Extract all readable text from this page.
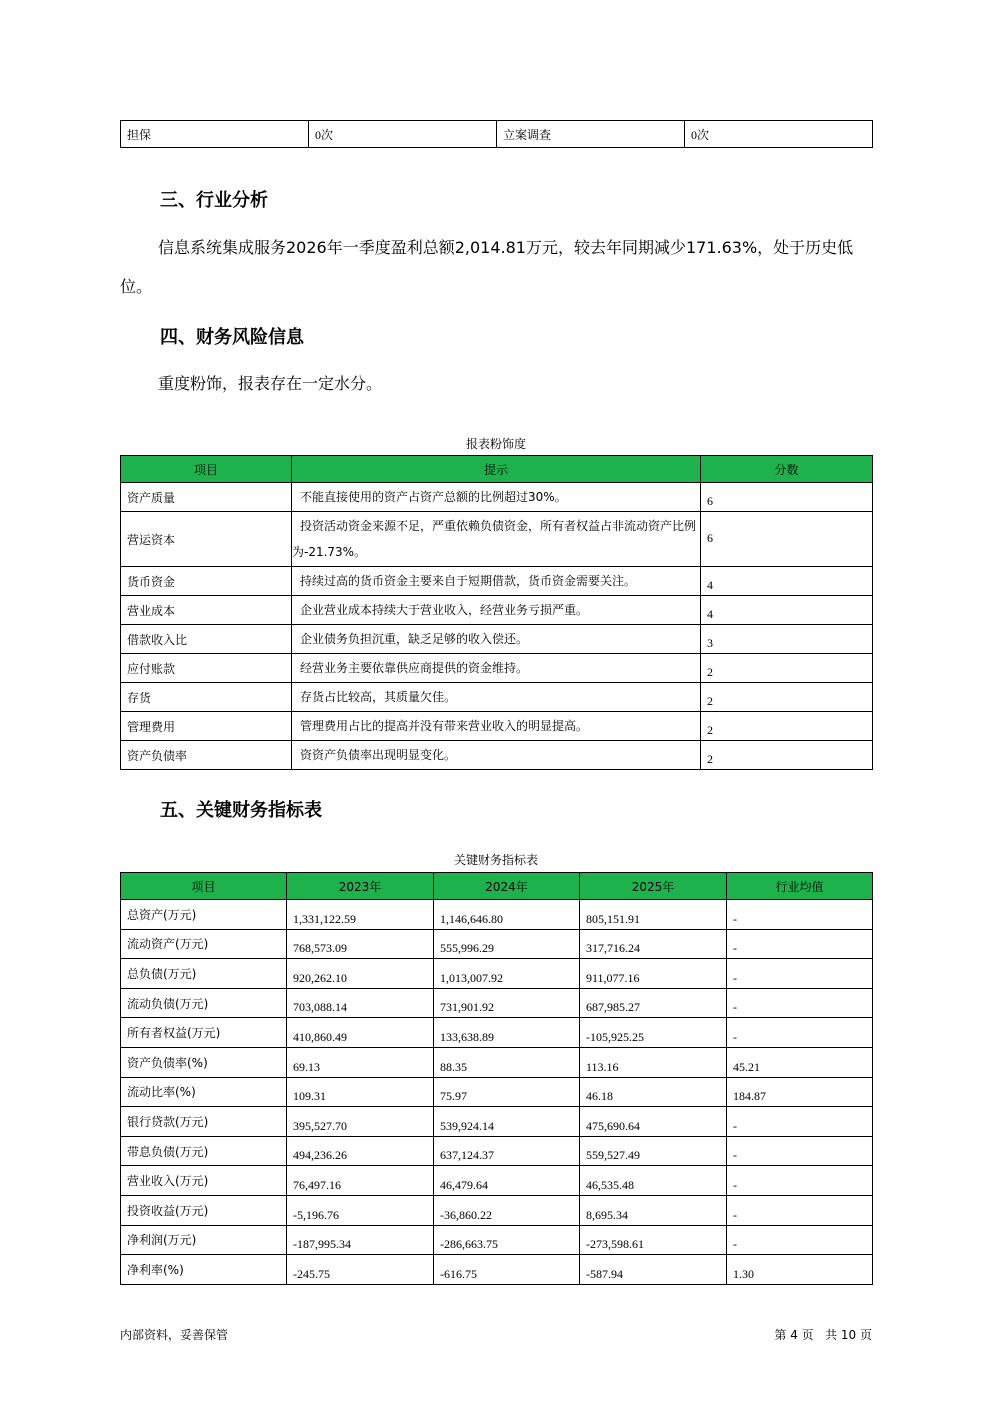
担保	0次	立案调查	0次
三、行业分析
信息系统集成服务2026年一季度盈利总额2,014.81万元，较去年同期减少171.63%，处于历史低位。
四、财务风险信息
重度粉饰，报表存在一定水分。
报表粉饰度
项目	提示	分数
资产质量	不能直接使用的资产占资产总额的比例超过30%。	6
营运资本	投资活动资金来源不足，严重依赖负债资金，所有者权益占非流动资产比例为-21.73%。	6
货币资金	持续过高的货币资金主要来自于短期借款，货币资金需要关注。	4
营业成本	企业营业成本持续大于营业收入，经营业务亏损严重。	4
借款收入比	企业债务负担沉重，缺乏足够的收入偿还。	3
应付账款	经营业务主要依靠供应商提供的资金维持。	2
存货	存货占比较高，其质量欠佳。	2
管理费用	管理费用占比的提高并没有带来营业收入的明显提高。	2
资产负债率	资资产负债率出现明显变化。	2
五、关键财务指标表
关键财务指标表
项目	2023年	2024年	2025年	行业均值
总资产(万元)	1,331,122.59	1,146,646.80	805,151.91	-
流动资产(万元)	768,573.09	555,996.29	317,716.24	-
总负债(万元)	920,262.10	1,013,007.92	911,077.16	-
流动负债(万元)	703,088.14	731,901.92	687,985.27	-
所有者权益(万元)	410,860.49	133,638.89	-105,925.25	-
资产负债率(%)	69.13	88.35	113.16	45.21
流动比率(%)	109.31	75.97	46.18	184.87
银行贷款(万元)	395,527.70	539,924.14	475,690.64	-
带息负债(万元)	494,236.26	637,124.37	559,527.49	-
营业收入(万元)	76,497.16	46,479.64	46,535.48	-
投资收益(万元)	-5,196.76	-36,860.22	8,695.34	-
净利润(万元)	-187,995.34	-286,663.75	-273,598.61	-
净利率(%)	-245.75	-616.75	-587.94	1.30
内部资料，妥善保管	第 4 页   共 10 页
